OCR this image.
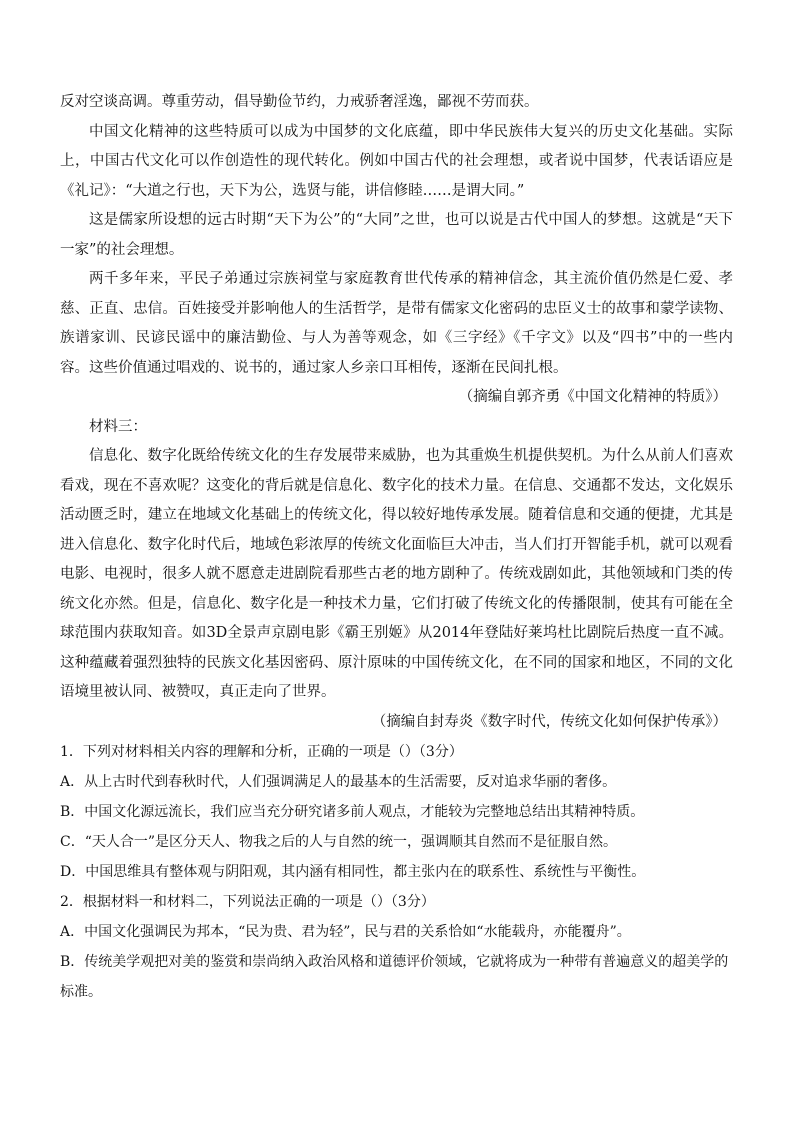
反对空谈高调。尊重劳动，倡导勤俭节约，力戒骄奢淫逸，鄙视不劳而获。

中国文化精神的这些特质可以成为中国梦的文化底蕴，即中华民族伟大复兴的历史文化基础。实际上，中国古代文化可以作创造性的现代转化。例如中国古代的社会理想，或者说中国梦，代表话语应是《礼记》：“大道之行也，天下为公，选贤与能，讲信修睦……是谓大同。”

这是儒家所设想的远古时期“天下为公”的“大同”之世，也可以说是古代中国人的梦想。这就是“天下一家”的社会理想。

两千多年来，平民子弟通过宗族祠堂与家庭教育世代传承的精神信念，其主流价值仍然是仁爱、孝慈、正直、忠信。百姓接受并影响他人的生活哲学，是带有儒家文化密码的忠臣义士的故事和蒙学读物、族谱家训、民谚民谣中的廉洁勤俭、与人为善等观念，如《三字经》《千字文》以及“四书”中的一些内容。这些价值通过唱戏的、说书的，通过家人乡亲口耳相传，逐渐在民间扎根。

（摘编自郭齐勇《中国文化精神的特质》）

材料三：

信息化、数字化既给传统文化的生存发展带来威胁，也为其重焕生机提供契机。为什么从前人们喜欢看戏，现在不喜欢呢？这变化的背后就是信息化、数字化的技术力量。在信息、交通都不发达，文化娱乐活动匮乏时，建立在地域文化基础上的传统文化，得以较好地传承发展。随着信息和交通的便捷，尤其是进入信息化、数字化时代后，地域色彩浓厚的传统文化面临巨大冲击，当人们打开智能手机，就可以观看电影、电视时，很多人就不愿意走进剧院看那些古老的地方剧种了。传统戏剧如此，其他领域和门类的传统文化亦然。但是，信息化、数字化是一种技术力量，它们打破了传统文化的传播限制，使其有可能在全球范围内获取知音。如3D全景声京剧电影《霸王别姬》从2014年登陆好莱坞杜比剧院后热度一直不减。这种蕴藏着强烈独特的民族文化基因密码、原汁原味的中国传统文化，在不同的国家和地区，不同的文化语境里被认同、被赞叹，真正走向了世界。

（摘编自封寿炎《数字时代，传统文化如何保护传承》）

1．下列对材料相关内容的理解和分析，正确的一项是（）（3分）

A．从上古时代到春秋时代，人们强调满足人的最基本的生活需要，反对追求华丽的奢侈。

B．中国文化源远流长，我们应当充分研究诸多前人观点，才能较为完整地总结出其精神特质。

C．“天人合一”是区分天人、物我之后的人与自然的统一，强调顺其自然而不是征服自然。

D．中国思维具有整体观与阴阳观，其内涵有相同性，都主张内在的联系性、系统性与平衡性。

2．根据材料一和材料二，下列说法正确的一项是（）（3分）

A．中国文化强调民为邦本，“民为贵、君为轻”，民与君的关系恰如“水能载舟，亦能覆舟”。

B．传统美学观把对美的鉴赏和崇尚纳入政治风格和道德评价领域，它就将成为一种带有普遍意义的超美学的标准。
